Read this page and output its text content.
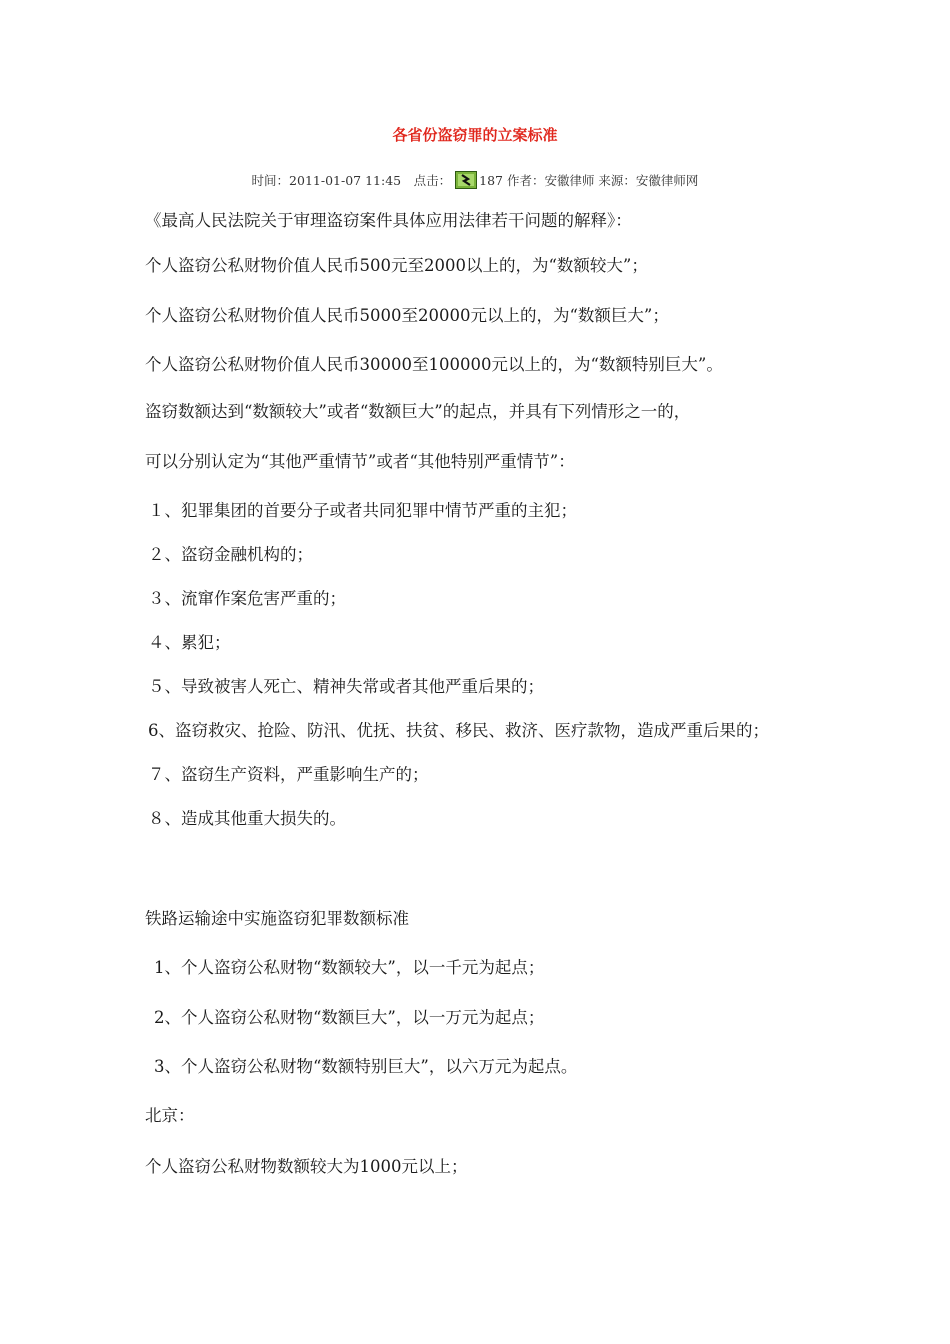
各省份盗窃罪的立案标准
时间：2011-01-07 11:45　点击： 187 作者：安徽律师 来源：安徽律师网
《最高人民法院关于审理盗窃案件具体应用法律若干问题的解释》：
个人盗窃公私财物价值人民币500元至2000以上的，为“数额较大”；
个人盗窃公私财物价值人民币5000至20000元以上的，为“数额巨大”；
个人盗窃公私财物价值人民币30000至100000元以上的，为“数额特别巨大”。
盗窃数额达到“数额较大”或者“数额巨大”的起点，并具有下列情形之一的，
可以分别认定为“其他严重情节”或者“其他特别严重情节”：
１、犯罪集团的首要分子或者共同犯罪中情节严重的主犯；
２、盗窃金融机构的；
３、流窜作案危害严重的；
４、累犯；
５、导致被害人死亡、精神失常或者其他严重后果的；
6、盗窃救灾、抢险、防汛、优抚、扶贫、移民、救济、医疗款物，造成严重后果的；
７、盗窃生产资料，严重影响生产的；
８、造成其他重大损失的。
铁路运输途中实施盗窃犯罪数额标准
1、个人盗窃公私财物“数额较大”，以一千元为起点；
2、个人盗窃公私财物“数额巨大”，以一万元为起点；
3、个人盗窃公私财物“数额特别巨大”，以六万元为起点。
北京：
个人盗窃公私财物数额较大为1000元以上；
